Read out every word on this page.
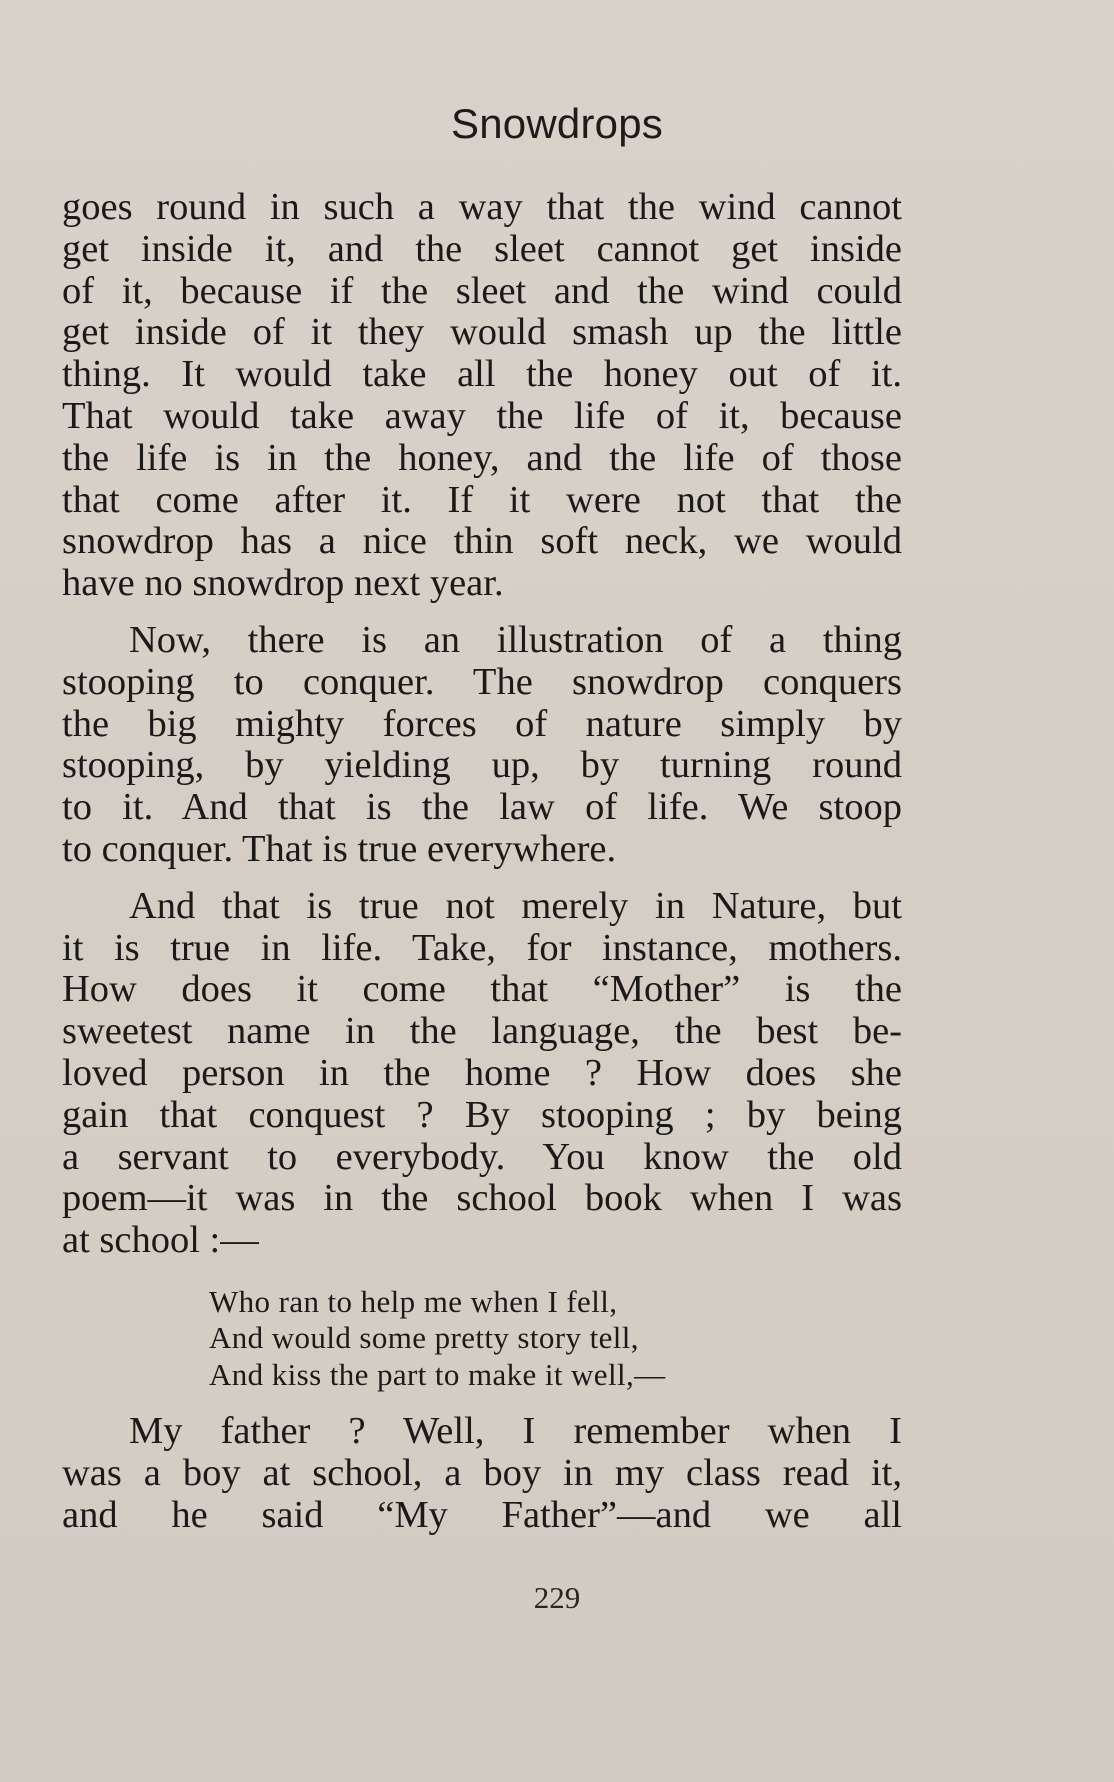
Snowdrops
goes round in such a way that the wind cannot
get inside it, and the sleet cannot get inside
of it, because if the sleet and the wind could
get inside of it they would smash up the little
thing. It would take all the honey out of it.
That would take away the life of it, because
the life is in the honey, and the life of those
that come after it. If it were not that the
snowdrop has a nice thin soft neck, we would
have no snowdrop next year.
Now, there is an illustration of a thing
stooping to conquer. The snowdrop conquers
the big mighty forces of nature simply by
stooping, by yielding up, by turning round
to it. And that is the law of life. We stoop
to conquer. That is true everywhere.
And that is true not merely in Nature, but
it is true in life. Take, for instance, mothers.
How does it come that “Mother” is the
sweetest name in the language, the best be-
loved person in the home ? How does she
gain that conquest ? By stooping ; by being
a servant to everybody. You know the old
poem—it was in the school book when I was
at school :—
Who ran to help me when I fell,
And would some pretty story tell,
And kiss the part to make it well,—
My father ? Well, I remember when I
was a boy at school, a boy in my class read it,
and he said “My Father”—and we all
229
